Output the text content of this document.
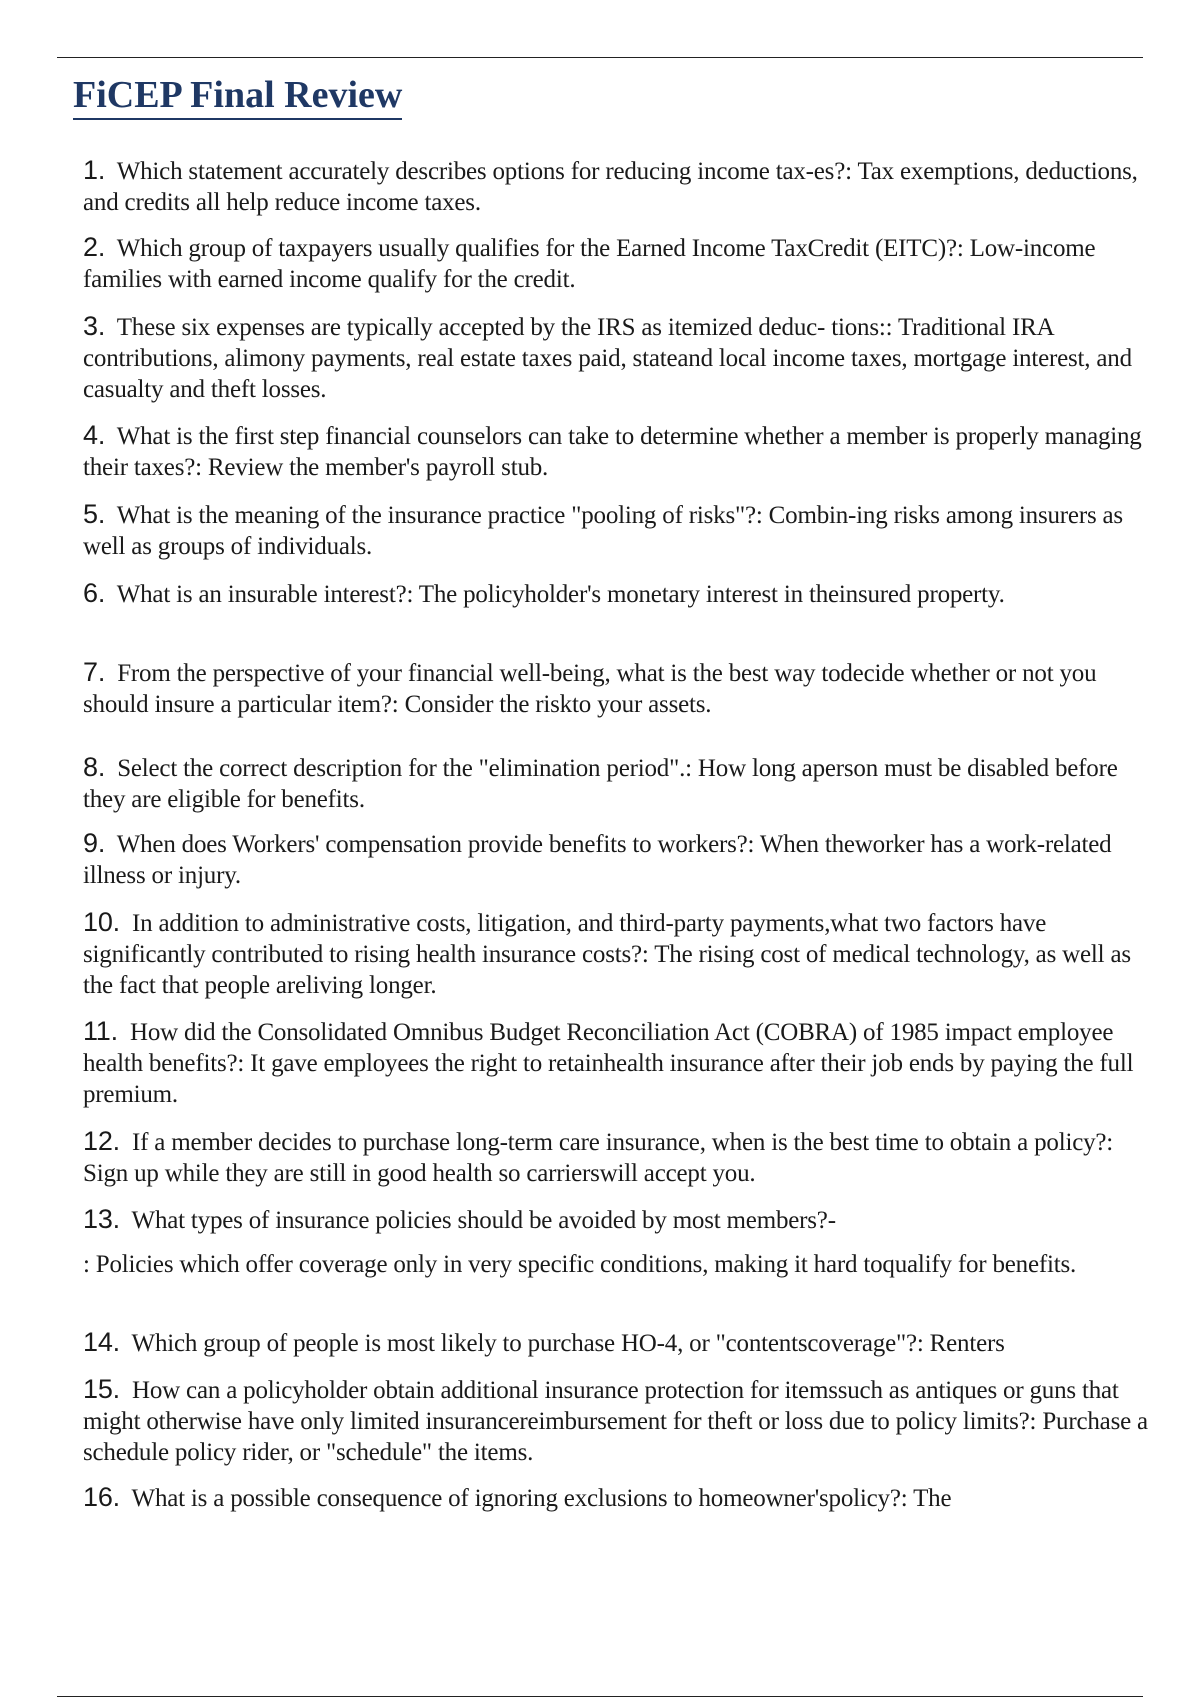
FiCEP Final Review
1. Which statement accurately describes options for reducing income tax-es?: Tax exemptions, deductions, and credits all help reduce income taxes.
2. Which group of taxpayers usually qualifies for the Earned Income TaxCredit (EITC)?: Low-income families with earned income qualify for the credit.
3. These six expenses are typically accepted by the IRS as itemized deduc- tions:: Traditional IRA contributions, alimony payments, real estate taxes paid, stateand local income taxes, mortgage interest, and casualty and theft losses.
4. What is the first step financial counselors can take to determine whether a member is properly managing their taxes?: Review the member's payroll stub.
5. What is the meaning of the insurance practice "pooling of risks"?: Combin-ing risks among insurers as well as groups of individuals.
6. What is an insurable interest?: The policyholder's monetary interest in theinsured property.
7. From the perspective of your financial well-being, what is the best way todecide whether or not you should insure a particular item?: Consider the riskto your assets.
8. Select the correct description for the "elimination period".: How long aperson must be disabled before they are eligible for benefits.
9. When does Workers' compensation provide benefits to workers?: When theworker has a work-related illness or injury.
10. In addition to administrative costs, litigation, and third-party payments,what two factors have significantly contributed to rising health insurance costs?: The rising cost of medical technology, as well as the fact that people areliving longer.
11. How did the Consolidated Omnibus Budget Reconciliation Act (COBRA) of 1985 impact employee health benefits?: It gave employees the right to retainhealth insurance after their job ends by paying the full premium.
12. If a member decides to purchase long-term care insurance, when is the best time to obtain a policy?: Sign up while they are still in good health so carrierswill accept you.
13. What types of insurance policies should be avoided by most members?-
: Policies which offer coverage only in very specific conditions, making it hard toqualify for benefits.
14. Which group of people is most likely to purchase HO-4, or "contentscoverage"?: Renters
15. How can a policyholder obtain additional insurance protection for itemssuch as antiques or guns that might otherwise have only limited insurancereimbursement for theft or loss due to policy limits?: Purchase a schedule policy rider, or "schedule" the items.
16. What is a possible consequence of ignoring exclusions to homeowner'spolicy?: The
